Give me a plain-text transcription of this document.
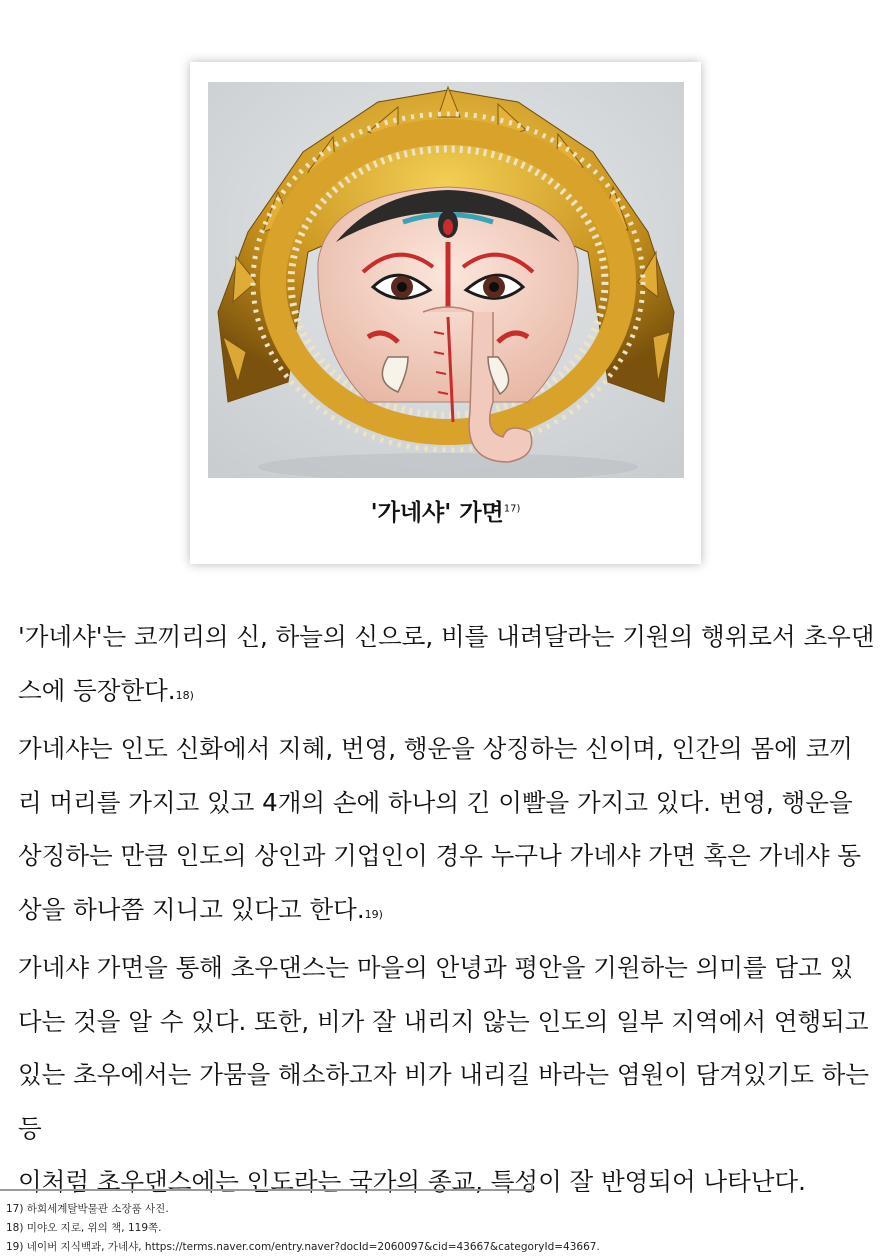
'가네샤' 가면$^{17)}$

'가네샤'는 코끼리의 신, 하늘의 신으로, 비를 내려달라는 기원의 행위로서 초우댄스에 등장한다.18)

가네샤는 인도 신화에서 지혜, 번영, 행운을 상징하는 신이며, 인간의 몸에 코끼리 머리를 가지고 있고 4개의 손에 하나의 긴 이빨을 가지고 있다. 번영, 행운을 상징하는 만큼 인도의 상인과 기업인이 경우 누구나 가네샤 가면 혹은 가네샤 동상을 하나쯤 지니고 있다고 한다.19)

가네샤 가면을 통해 초우댄스는 마을의 안녕과 평안을 기원하는 의미를 담고 있다는 것을 알 수 있다. 또한, 비가 잘 내리지 않는 인도의 일부 지역에서 연행되고 있는 초우에서는 가뭄을 해소하고자 비가 내리길 바라는 염원이 담겨있기도 하는 등

이처럼 초우댄스에는 인도라는 국가의 종교, 특성이 잘 반영되어 나타난다.

17) 하회세계탈박물관 소장품 사진.
18) 미야오 지로, 위의 책, 119쪽.
19) 네이버 지식백과, 가네샤, https://terms.naver.com/entry.naver?docId=2060097&cid=43667&categoryId=43667.
